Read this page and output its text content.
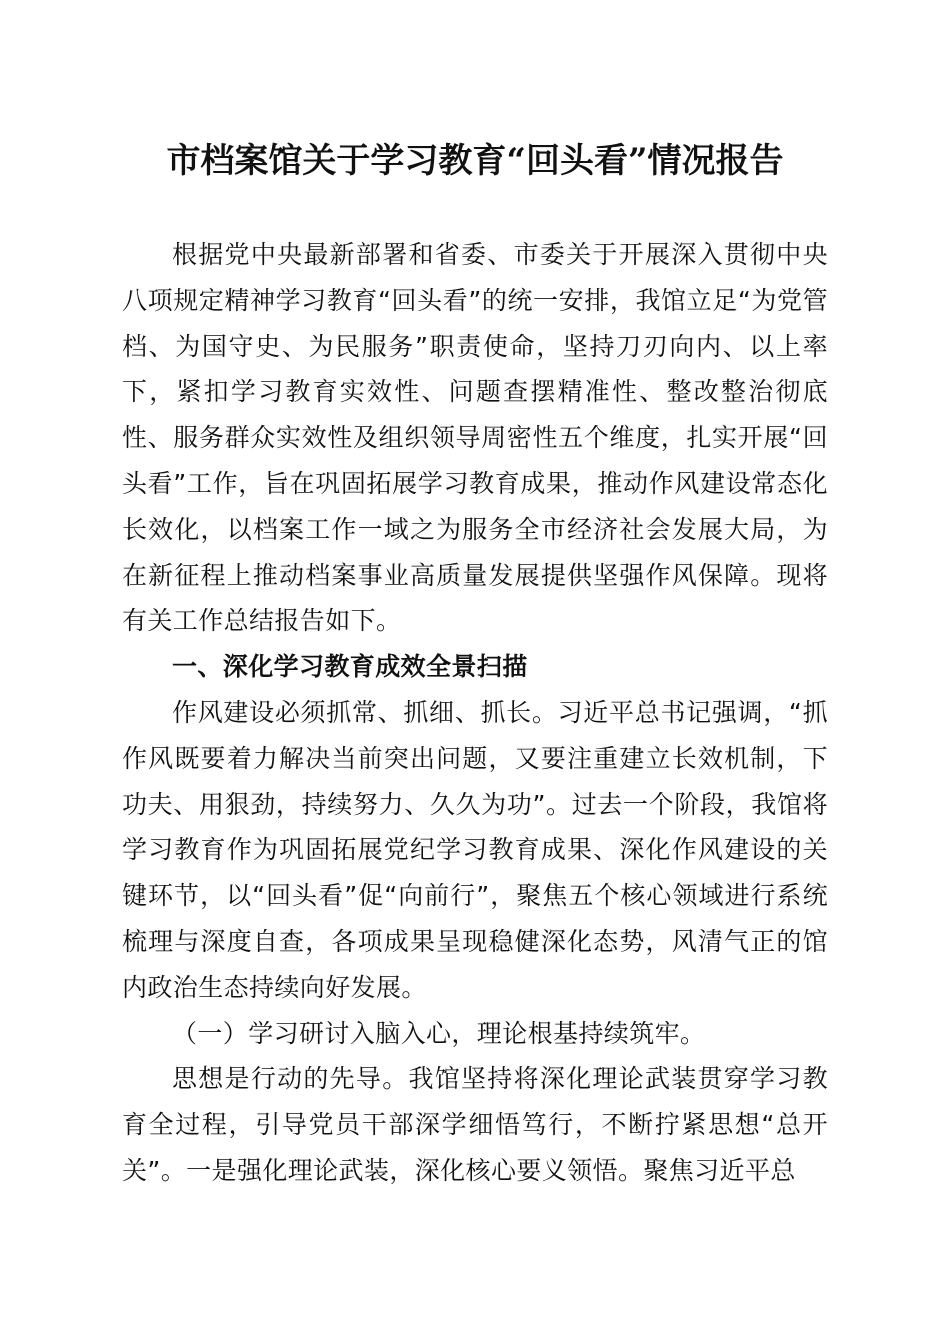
市档案馆关于学习教育“回头看”情况报告

根据党中央最新部署和省委、市委关于开展深入贯彻中央八项规定精神学习教育“回头看”的统一安排，我馆立足“为党管档、为国守史、为民服务”职责使命，坚持刀刃向内、以上率下，紧扣学习教育实效性、问题查摆精准性、整改整治彻底性、服务群众实效性及组织领导周密性五个维度，扎实开展“回头看”工作，旨在巩固拓展学习教育成果，推动作风建设常态化长效化，以档案工作一域之为服务全市经济社会发展大局，为在新征程上推动档案事业高质量发展提供坚强作风保障。现将有关工作总结报告如下。

一、深化学习教育成效全景扫描

作风建设必须抓常、抓细、抓长。习近平总书记强调，“抓作风既要着力解决当前突出问题，又要注重建立长效机制，下功夫、用狠劲，持续努力、久久为功”。过去一个阶段，我馆将学习教育作为巩固拓展党纪学习教育成果、深化作风建设的关键环节，以“回头看”促“向前行”，聚焦五个核心领域进行系统梳理与深度自查，各项成果呈现稳健深化态势，风清气正的馆内政治生态持续向好发展。

（一）学习研讨入脑入心，理论根基持续筑牢。

思想是行动的先导。我馆坚持将深化理论武装贯穿学习教育全过程，引导党员干部深学细悟笃行，不断拧紧思想“总开关”。一是强化理论武装，深化核心要义领悟。聚焦习近平总
